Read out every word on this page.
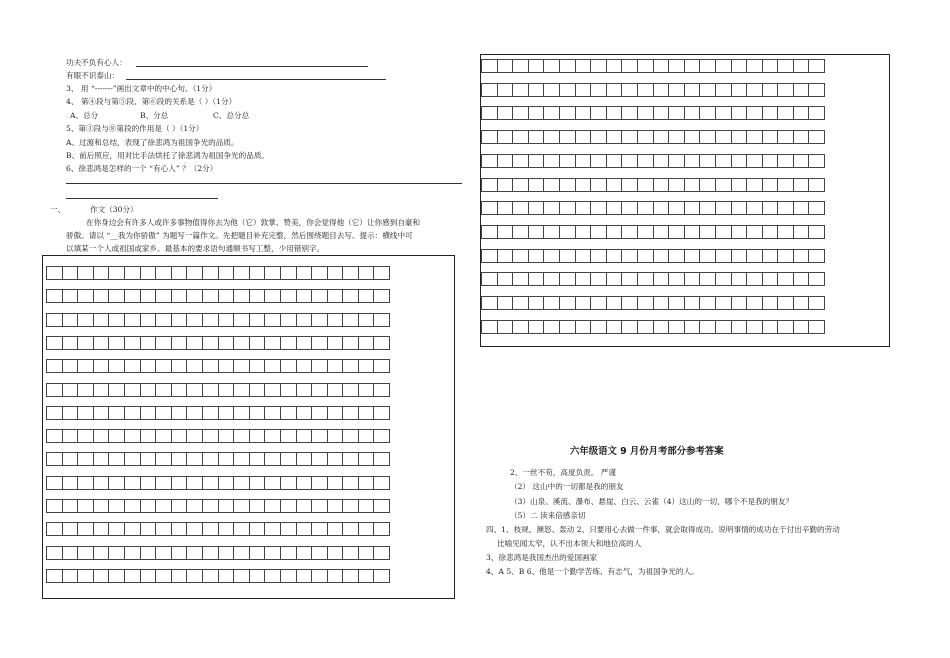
功夫不负有心人：
有眼不识泰山：
3、 用 “-------”画出文章中的中心句。（1分）
4、 第④段与第⑤段、第⑥段的关系是（ ）（1分）
A、总分	B、分总	C、总分总
5、第③段与⑧第段的作用是（ ）（1分）
A、过渡和总结，表现了徐悲鸿为祖国争光的品质。
B、前后照应，用对比手法烘托了徐悲鸿为祖国争光的品质。
6、徐悲鸿是怎样的一个 “有心人” ？（2分）
一、	作文（30分）
在你身边会有许多人或许多事物值得你去为他（它）敦掌、赞美，你会觉得他（它）让你感到自豪和
骄傲。请以 “__我为你骄傲” 为题写一篇作文。先把题目补充完整，然后围绕题目去写。提示：横线中可
以填某一个人或祖国或家乡。最基本的要求语句通顺书写工整，少用错别字。
六年级语文 9 月份月考部分参考答案
2、一丝不苟，高度负责。 严谨
（2） 这山中的一切都是我的朋友
（3）山泉、溪流、瀑布、悬崖、白云、云雀（4）这山的一切，哪个不是我的朋友？
（5）二 读来倍感亲切
四、1、枝规、濒怒、轰动 2、只要用心去做一件事，就会取得成功。说明事情的成功在于付出辛勤的劳动
比喻见闻太窄，认不出本领大和地位高的人
3、徐悲鸿是我国杰出的爱国画家
4、A 5、B 6、他是一个勤学苦练、有志气，为祖国争光的人。
